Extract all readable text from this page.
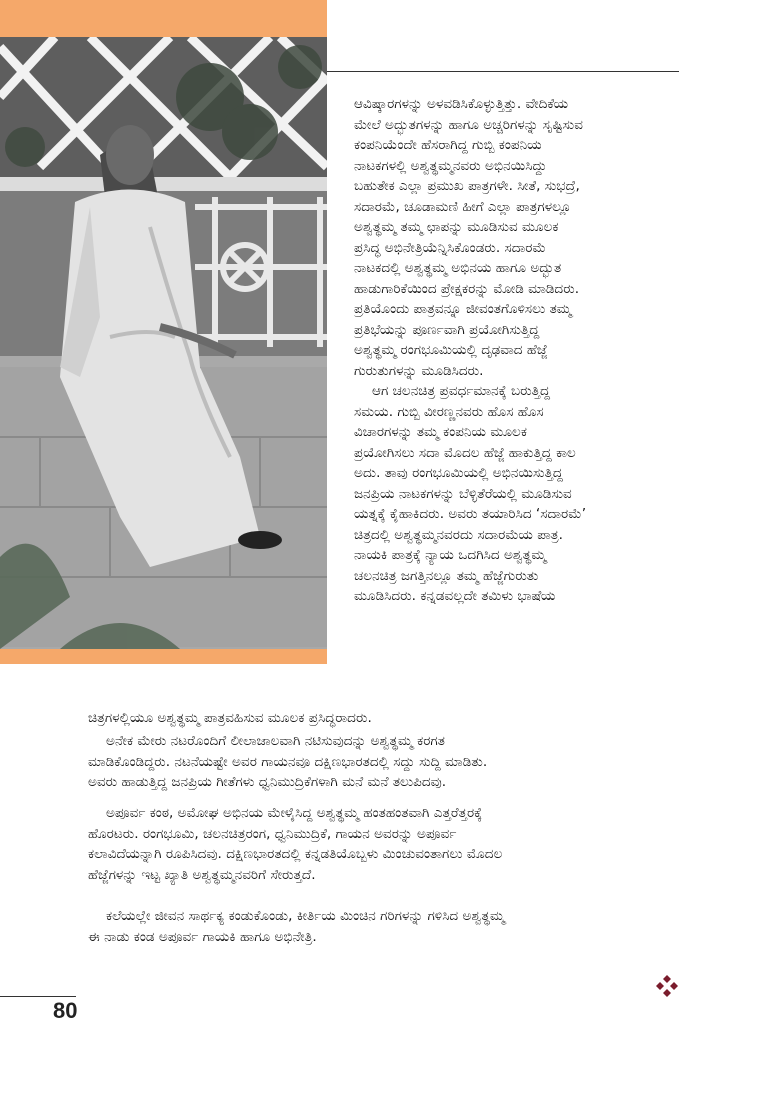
ಆವಿಷ್ಕಾರಗಳನ್ನು ಅಳವಡಿಸಿಕೊಳ್ಳುತ್ತಿತ್ತು. ವೇದಿಕೆಯ
ಮೇಲೆ ಅದ್ಭುತಗಳನ್ನು ಹಾಗೂ ಅಚ್ಚರಿಗಳನ್ನು ಸೃಷ್ಟಿಸುವ
ಕಂಪನಿಯೆಂದೇ ಹೆಸರಾಗಿದ್ದ ಗುಬ್ಬಿ ಕಂಪನಿಯ
ನಾಟಕಗಳಲ್ಲಿ ಅಶ್ವತ್ಥಮ್ಮನವರು ಅಭಿನಯಿಸಿದ್ದು
ಬಹುತೇಕ ಎಲ್ಲಾ ಪ್ರಮುಖ ಪಾತ್ರಗಳೇ. ಸೀತೆ, ಸುಭದ್ರೆ,
ಸದಾರಮೆ, ಚೂಡಾಮಣಿ ಹೀಗೆ ಎಲ್ಲಾ ಪಾತ್ರಗಳಲ್ಲೂ
ಅಶ್ವತ್ಥಮ್ಮ ತಮ್ಮ ಛಾಪನ್ನು ಮೂಡಿಸುವ ಮೂಲಕ
ಪ್ರಸಿದ್ಧ ಅಭಿನೇತ್ರಿಯೆನ್ನಿಸಿಕೊಂಡರು. ಸದಾರಮೆ
ನಾಟಕದಲ್ಲಿ ಅಶ್ವತ್ಥಮ್ಮ ಅಭಿನಯ ಹಾಗೂ ಅದ್ಭುತ
ಹಾಡುಗಾರಿಕೆಯಿಂದ ಪ್ರೇಕ್ಷಕರನ್ನು ಮೋಡಿ ಮಾಡಿದರು.
ಪ್ರತಿಯೊಂದು ಪಾತ್ರವನ್ನೂ ಜೀವಂತಗೊಳಿಸಲು ತಮ್ಮ
ಪ್ರತಿಭೆಯನ್ನು ಪೂರ್ಣವಾಗಿ ಪ್ರಯೋಗಿಸುತ್ತಿದ್ದ
ಅಶ್ವತ್ಥಮ್ಮ ರಂಗಭೂಮಿಯಲ್ಲಿ ದೃಢವಾದ ಹೆಜ್ಜೆ
ಗುರುತುಗಳನ್ನು ಮೂಡಿಸಿದರು.

ಆಗ ಚಲನಚಿತ್ರ ಪ್ರವರ್ಧಮಾನಕ್ಕೆ ಬರುತ್ತಿದ್ದ
ಸಮಯ. ಗುಬ್ಬಿ ವೀರಣ್ಣನವರು ಹೊಸ ಹೊಸ
ವಿಚಾರಗಳನ್ನು ತಮ್ಮ ಕಂಪನಿಯ ಮೂಲಕ
ಪ್ರಯೋಗಿಸಲು ಸದಾ ಮೊದಲ ಹೆಜ್ಜೆ ಹಾಕುತ್ತಿದ್ದ ಕಾಲ
ಅದು. ತಾವು ರಂಗಭೂಮಿಯಲ್ಲಿ ಅಭಿನಯಿಸುತ್ತಿದ್ದ
ಜನಪ್ರಿಯ ನಾಟಕಗಳನ್ನು ಬೆಳ್ಳಿತೆರೆಯಲ್ಲಿ ಮೂಡಿಸುವ
ಯತ್ನಕ್ಕೆ ಕೈಹಾಕಿದರು. ಅವರು ತಯಾರಿಸಿದ ‘ಸದಾರಮೆ’
ಚಿತ್ರದಲ್ಲಿ ಅಶ್ವತ್ಥಮ್ಮನವರದು ಸದಾರಮೆಯ ಪಾತ್ರ.
ನಾಯಕಿ ಪಾತ್ರಕ್ಕೆ ನ್ಯಾಯ ಒದಗಿಸಿದ ಅಶ್ವತ್ಥಮ್ಮ
ಚಲನಚಿತ್ರ ಜಗತ್ತಿನಲ್ಲೂ ತಮ್ಮ ಹೆಜ್ಜೆಗುರುತು
ಮೂಡಿಸಿದರು. ಕನ್ನಡವಲ್ಲದೇ ತಮಿಳು ಭಾಷೆಯ

ಚಿತ್ರಗಳಲ್ಲಿಯೂ ಅಶ್ವತ್ಥಮ್ಮ ಪಾತ್ರವಹಿಸುವ ಮೂಲಕ ಪ್ರಸಿದ್ಧರಾದರು.

ಅನೇಕ ಮೇರು ನಟರೊಂದಿಗೆ ಲೀಲಾಜಾಲವಾಗಿ ನಟಿಸುವುದನ್ನು ಅಶ್ವತ್ಥಮ್ಮ ಕರಗತ
ಮಾಡಿಕೊಂಡಿದ್ದರು. ನಟನೆಯಷ್ಟೇ ಅವರ ಗಾಯನವೂ ದಕ್ಷಿಣಭಾರತದಲ್ಲಿ ಸದ್ದು ಸುದ್ದಿ ಮಾಡಿತು.
ಅವರು ಹಾಡುತ್ತಿದ್ದ ಜನಪ್ರಿಯ ಗೀತೆಗಳು ಧ್ವನಿಮುದ್ರಿಕೆಗಳಾಗಿ ಮನೆ ಮನೆ ತಲುಪಿದವು.

ಅಪೂರ್ವ ಕಂಠ, ಅಮೋಘ ಅಭಿನಯ ಮೇಳೈಸಿದ್ದ ಅಶ್ವತ್ಥಮ್ಮ ಹಂತಹಂತವಾಗಿ ಎತ್ತರೆತ್ತರಕ್ಕೆ
ಹೊರಟರು. ರಂಗಭೂಮಿ, ಚಲನಚಿತ್ರರಂಗ, ಧ್ವನಿಮುದ್ರಿಕೆ, ಗಾಯನ ಅವರನ್ನು ಅಪೂರ್ವ
ಕಲಾವಿದೆಯನ್ನಾಗಿ ರೂಪಿಸಿದವು. ದಕ್ಷಿಣಭಾರತದಲ್ಲಿ ಕನ್ನಡತಿಯೊಬ್ಬಳು ಮಿಂಚುವಂತಾಗಲು ಮೊದಲ
ಹೆಜ್ಜೆಗಳನ್ನು ಇಟ್ಟ ಖ್ಯಾತಿ ಅಶ್ವತ್ಥಮ್ಮನವರಿಗೆ ಸೇರುತ್ತದೆ.

ಕಲೆಯಲ್ಲೇ ಜೀವನ ಸಾರ್ಥಕ್ಯ ಕಂಡುಕೊಂಡು, ಕೀರ್ತಿಯ ಮಿಂಚಿನ ಗರಿಗಳನ್ನು ಗಳಿಸಿದ ಅಶ್ವತ್ಥಮ್ಮ
ಈ ನಾಡು ಕಂಡ ಅಪೂರ್ವ ಗಾಯಕಿ ಹಾಗೂ ಅಭಿನೇತ್ರಿ.

80
